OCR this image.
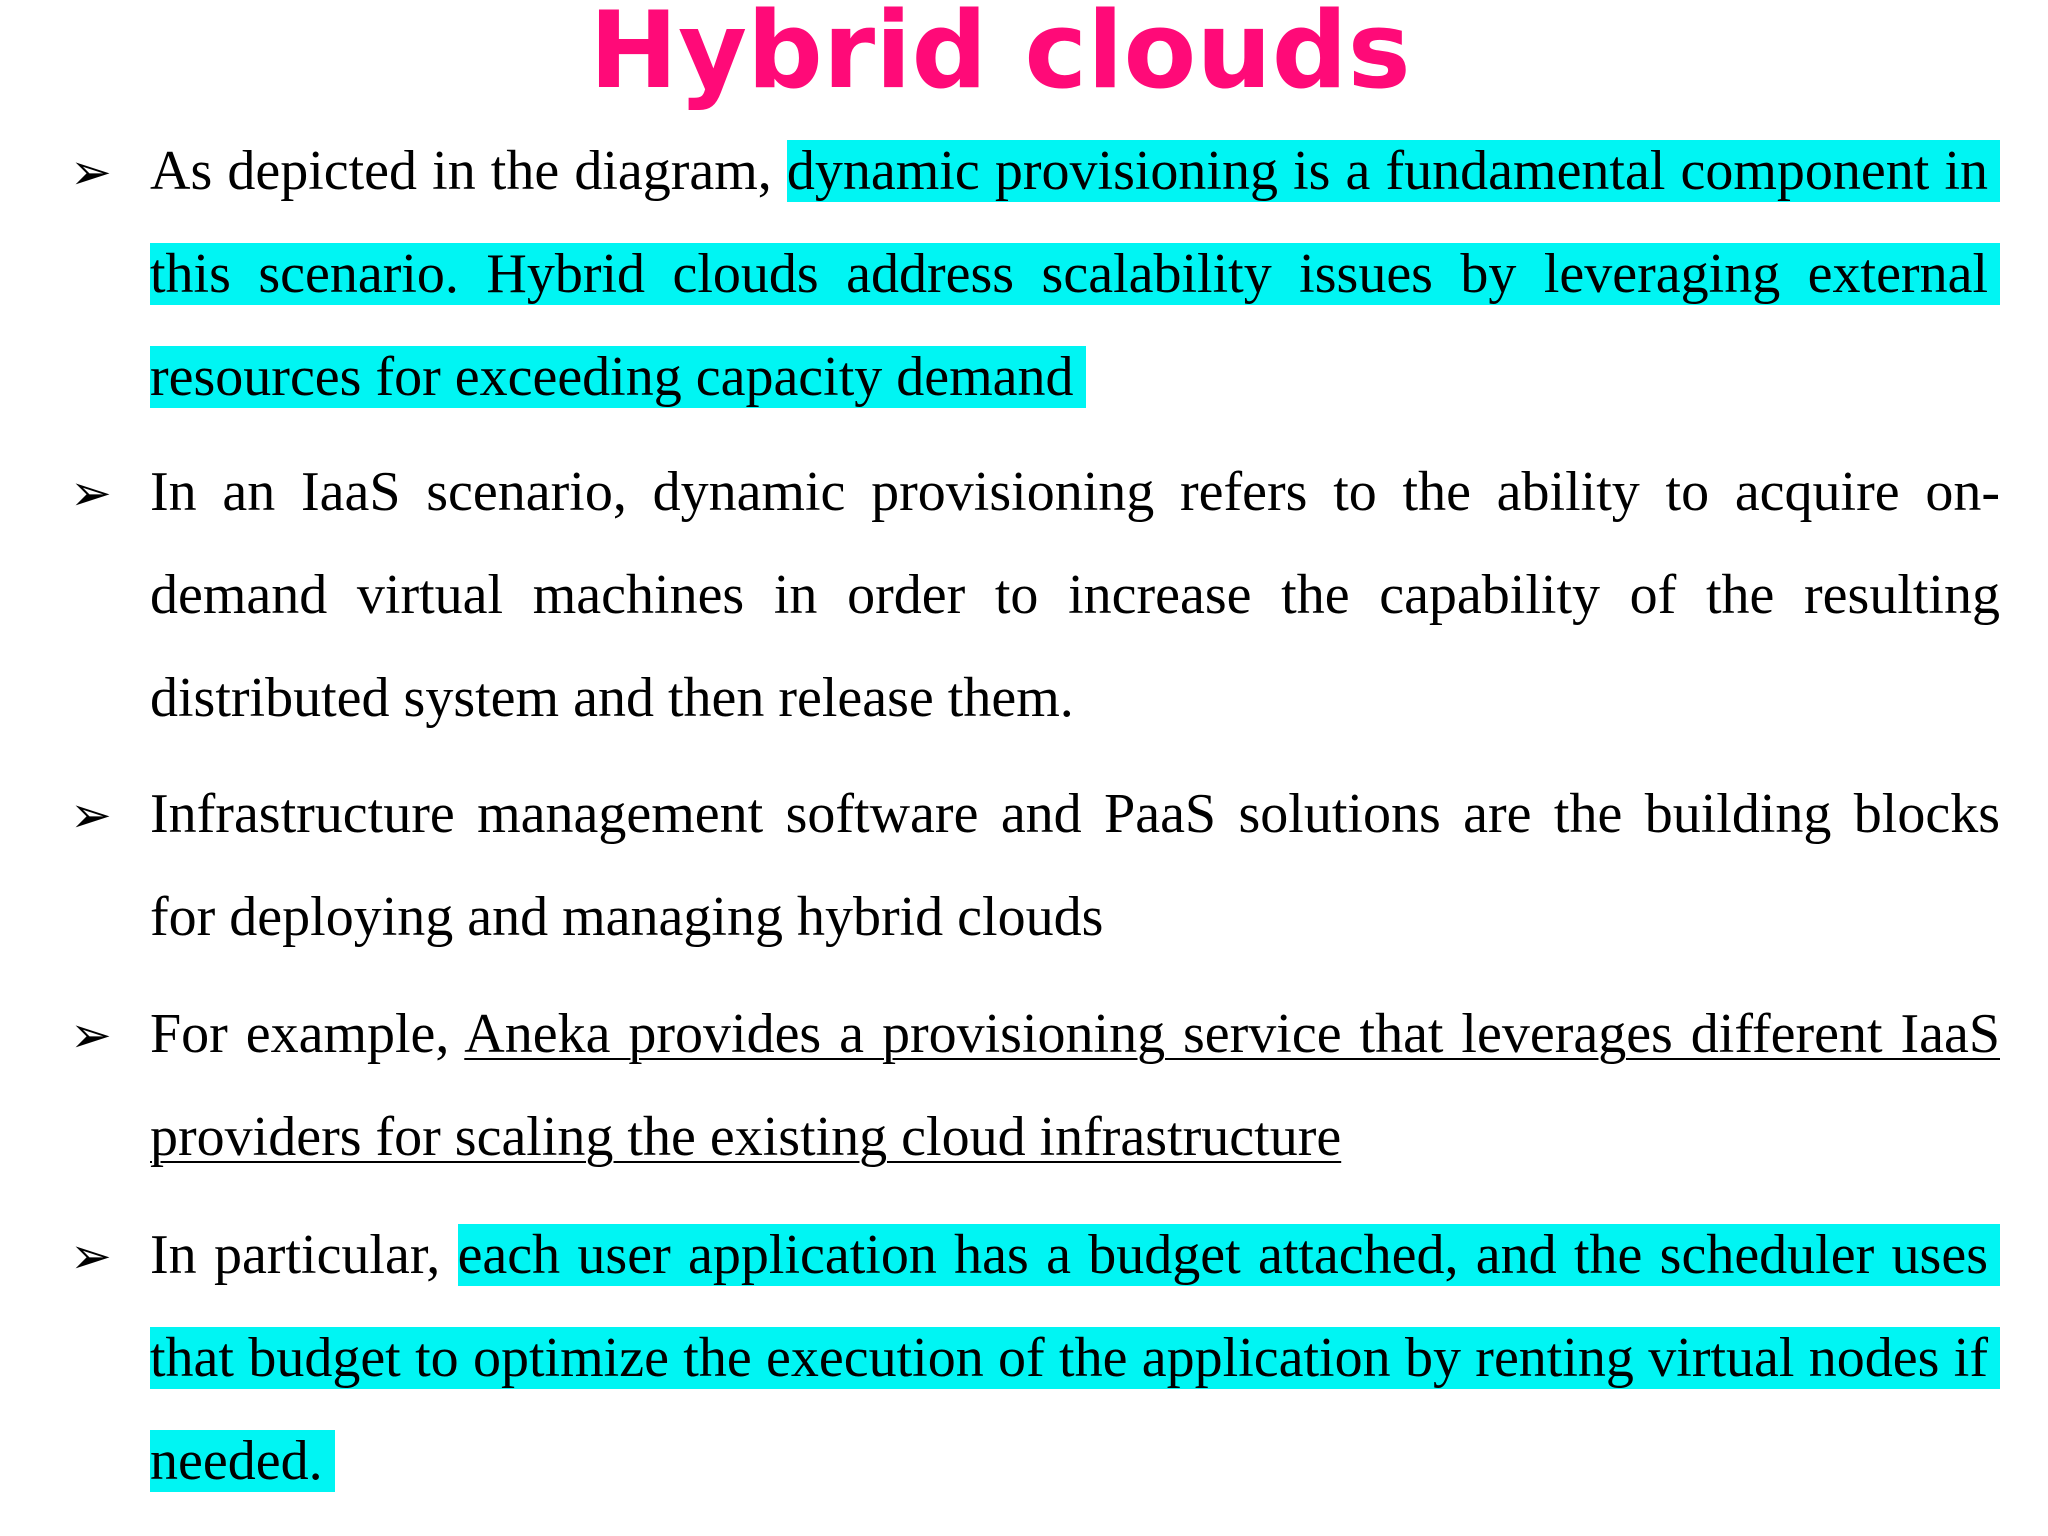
Hybrid clouds
➢ As depicted in the diagram, dynamic provisioning is a fundamental component in this scenario. Hybrid clouds address scalability issues by leveraging external resources for exceeding capacity demand

➢ In an IaaS scenario, dynamic provisioning refers to the ability to acquire on-demand virtual machines in order to increase the capability of the resulting distributed system and then release them.

➢ Infrastructure management software and PaaS solutions are the building blocks for deploying and managing hybrid clouds

➢ For example, Aneka provides a provisioning service that leverages different IaaS providers for scaling the existing cloud infrastructure

➢ In particular, each user application has a budget attached, and the scheduler uses that budget to optimize the execution of the application by renting virtual nodes if needed.
